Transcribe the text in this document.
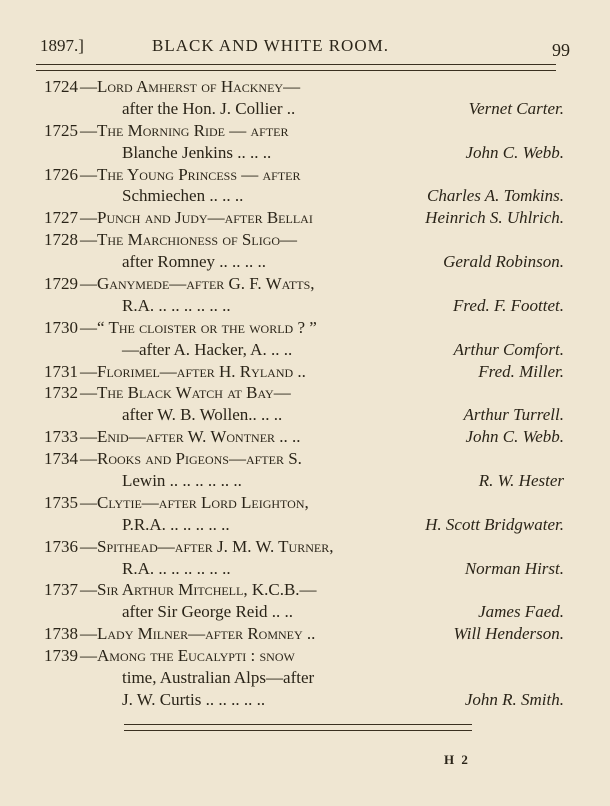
1897.]	BLACK AND WHITE ROOM.	99
1724 —Lord Amherst of Hackney—
after the Hon. J. Collier ..	Vernet Carter.
1725 —The Morning Ride — after
Blanche Jenkins .. .. ..	John C. Webb.
1726 —The Young Princess — after
Schmiechen .. .. ..	Charles A. Tomkins.
1727 —Punch and Judy—after Bellai	Heinrich S. Uhlrich.
1728 —The Marchioness of Sligo—
after Romney .. .. .. ..	Gerald Robinson.
1729 —Ganymede—after G. F. Watts,
R.A. .. .. .. .. .. ..	Fred. F. Foottet.
1730 —“ The cloister or the world ? ”
—after A. Hacker, A. .. ..	Arthur Comfort.
1731 —Florimel—after H. Ryland ..	Fred. Miller.
1732 —The Black Watch at Bay—
after W. B. Wollen.. .. ..	Arthur Turrell.
1733 —Enid—after W. Wontner .. ..	John C. Webb.
1734 —Rooks and Pigeons—after S.
Lewin .. .. .. .. .. ..	R. W. Hester
1735 —Clytie—after Lord Leighton,
P.R.A. .. .. .. .. ..	H. Scott Bridgwater.
1736 —Spithead—after J. M. W. Turner,
R.A. .. .. .. .. .. ..	Norman Hirst.
1737 —Sir Arthur Mitchell, K.C.B.—
after Sir George Reid .. ..	James Faed.
1738 —Lady Milner—after Romney ..	Will Henderson.
1739 —Among the Eucalypti : snow
time, Australian Alps—after
J. W. Curtis .. .. .. .. ..	John R. Smith.
H 2
